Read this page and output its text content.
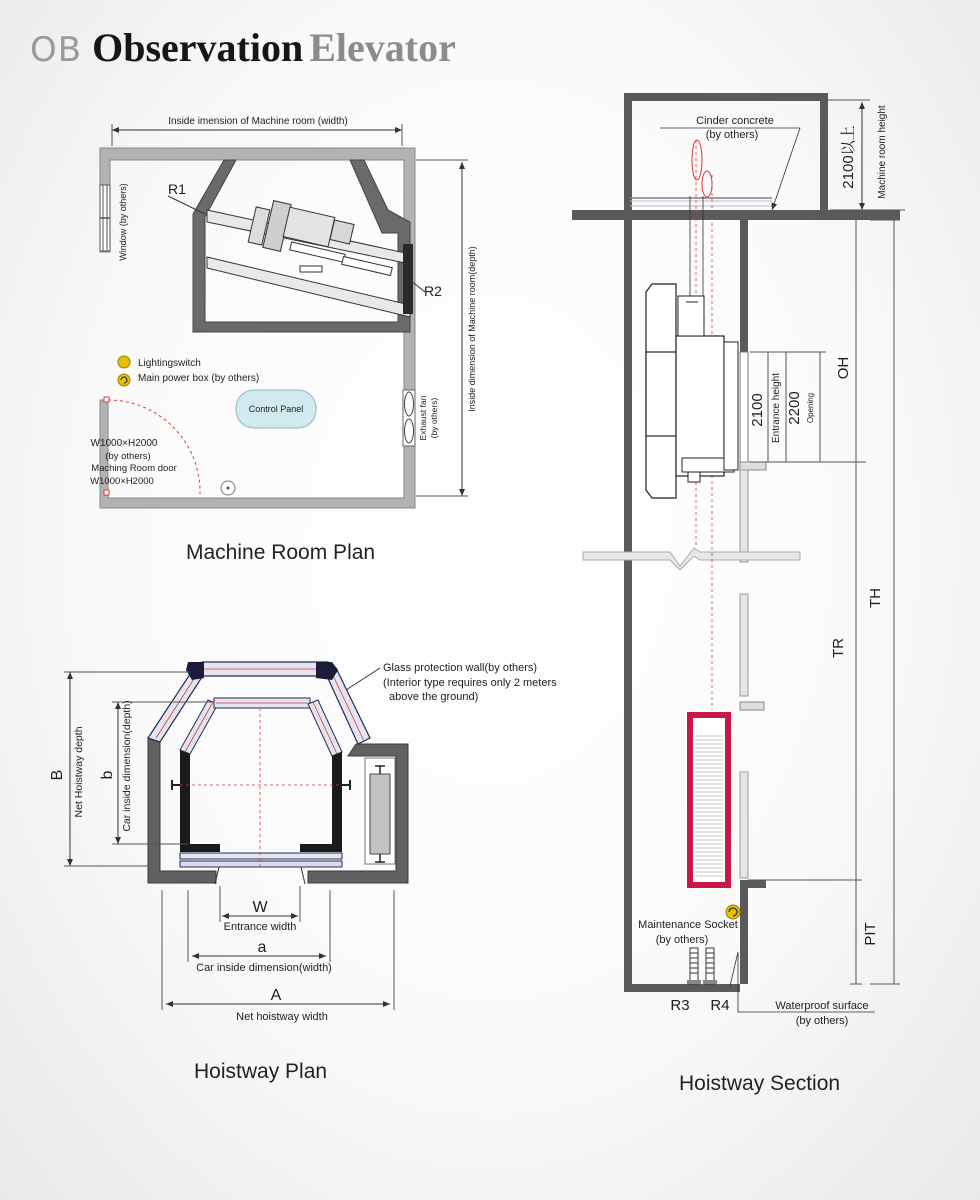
OB Observation Elevator
Inside imension of Machine room (width)
Inside dimension of Machine room(depth)
R1
R2
Window (by others)
Lightingswitch
Main power box (by others)
Control Panel	Exhaust fan (by others)
W1000×H2000
(by others)
Maching Room door
W1000×H2000
Glass protection wall(by others)
(Interior type requires only 2 meters
above the ground)
B Net Hoistway depth b Car inside dimension(depth)
W
Entrance width
a
Car inside dimension(width)
A
Net hoistway width
Cinder concrete
(by others)	2100以上 Machine room height
OH
2100 Entrance height 2200 Opening
TH
TR
PIT
Maintenance Socket
(by others)
R3 R4	Waterproof surface
(by others)
Machine Room Plan
Hoistway Plan
Hoistway Section
